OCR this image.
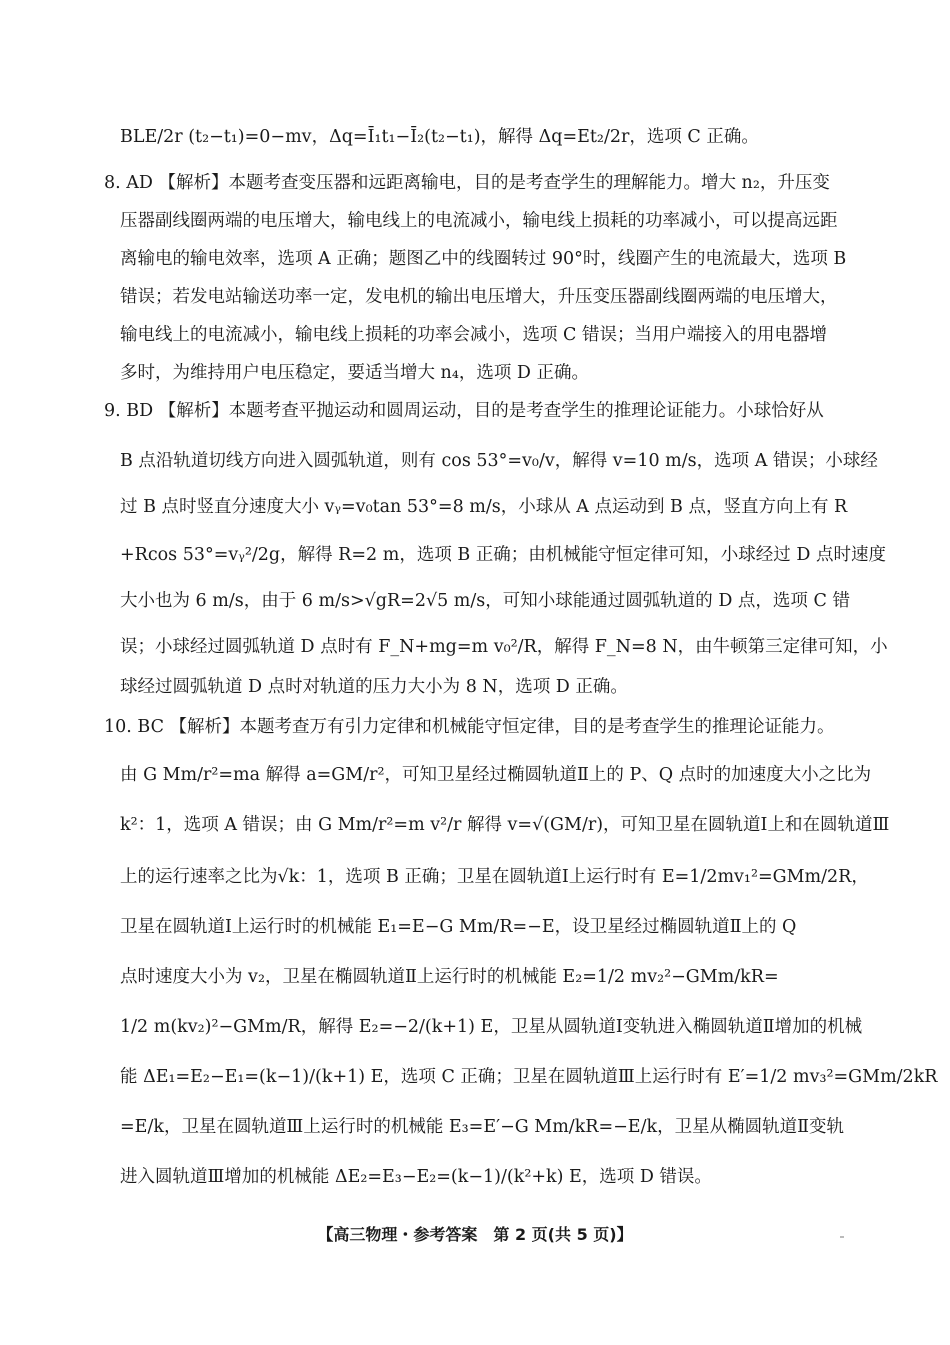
BLE/2r (t₂−t₁)=0−mv，Δq=Ī₁t₁−Ī₂(t₂−t₁)，解得 Δq=Et₂/2r，选项 C 正确。
8. AD 【解析】本题考查变压器和远距离输电，目的是考查学生的理解能力。增大 n₂，升压变
压器副线圈两端的电压增大，输电线上的电流减小，输电线上损耗的功率减小，可以提高远距
离输电的输电效率，选项 A 正确；题图乙中的线圈转过 90°时，线圈产生的电流最大，选项 B
错误；若发电站输送功率一定，发电机的输出电压增大，升压变压器副线圈两端的电压增大，
输电线上的电流减小，输电线上损耗的功率会减小，选项 C 错误；当用户端接入的用电器增
多时，为维持用户电压稳定，要适当增大 n₄，选项 D 正确。
9. BD 【解析】本题考查平抛运动和圆周运动，目的是考查学生的推理论证能力。小球恰好从
B 点沿轨道切线方向进入圆弧轨道，则有 cos 53°=v₀/v，解得 v=10 m/s，选项 A 错误；小球经
过 B 点时竖直分速度大小 vᵧ=v₀tan 53°=8 m/s，小球从 A 点运动到 B 点，竖直方向上有 R
+Rcos 53°=vᵧ²/2g，解得 R=2 m，选项 B 正确；由机械能守恒定律可知，小球经过 D 点时速度
大小也为 6 m/s，由于 6 m/s>√gR=2√5 m/s，可知小球能通过圆弧轨道的 D 点，选项 C 错
误；小球经过圆弧轨道 D 点时有 F_N+mg=m v₀²/R，解得 F_N=8 N，由牛顿第三定律可知，小
球经过圆弧轨道 D 点时对轨道的压力大小为 8 N，选项 D 正确。
10. BC 【解析】本题考查万有引力定律和机械能守恒定律，目的是考查学生的推理论证能力。
由 G Mm/r²=ma 解得 a=GM/r²，可知卫星经过椭圆轨道Ⅱ上的 P、Q 点时的加速度大小之比为
k²：1，选项 A 错误；由 G Mm/r²=m v²/r 解得 v=√(GM/r)，可知卫星在圆轨道Ⅰ上和在圆轨道Ⅲ
上的运行速率之比为√k：1，选项 B 正确；卫星在圆轨道Ⅰ上运行时有 E=1/2mv₁²=GMm/2R，
卫星在圆轨道Ⅰ上运行时的机械能 E₁=E−G Mm/R=−E，设卫星经过椭圆轨道Ⅱ上的 Q
点时速度大小为 v₂，卫星在椭圆轨道Ⅱ上运行时的机械能 E₂=1/2 mv₂²−GMm/kR=
1/2 m(kv₂)²−GMm/R，解得 E₂=−2/(k+1) E，卫星从圆轨道Ⅰ变轨进入椭圆轨道Ⅱ增加的机械
能 ΔE₁=E₂−E₁=(k−1)/(k+1) E，选项 C 正确；卫星在圆轨道Ⅲ上运行时有 E′=1/2 mv₃²=GMm/2kR
=E/k，卫星在圆轨道Ⅲ上运行时的机械能 E₃=E′−G Mm/kR=−E/k，卫星从椭圆轨道Ⅱ变轨
进入圆轨道Ⅲ增加的机械能 ΔE₂=E₃−E₂=(k−1)/(k²+k) E，选项 D 错误。
【高三物理・参考答案　第 2 页(共 5 页)】
